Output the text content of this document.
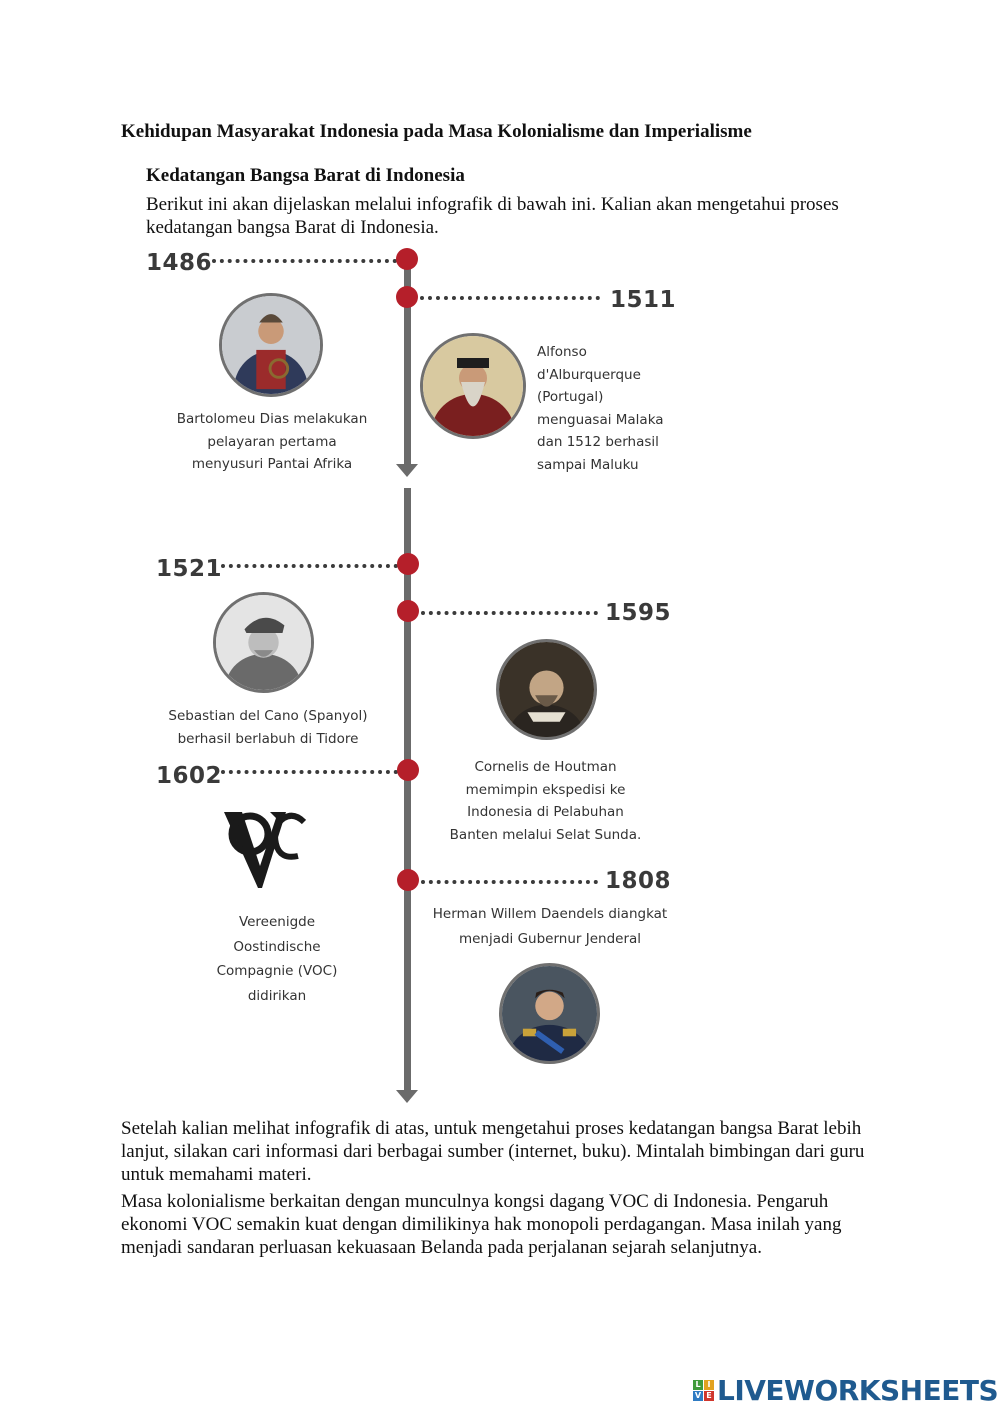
Kehidupan Masyarakat Indonesia pada Masa Kolonialisme dan Imperialisme
Kedatangan Bangsa Barat di Indonesia
Berikut ini akan dijelaskan melalui infografik di bawah ini. Kalian akan mengetahui proses kedatangan bangsa Barat di Indonesia.
1486
Bartolomeu Dias melakukan pelayaran pertama menyusuri Pantai Afrika
1511
Alfonso d'Alburquerque (Portugal) menguasai Malaka dan 1512 berhasil sampai Maluku
1521
Sebastian del Cano (Spanyol) berhasil berlabuh di Tidore
1595
Cornelis de Houtman memimpin ekspedisi ke Indonesia di Pelabuhan Banten melalui Selat Sunda.
1602
Vereenigde Oostindische Compagnie (VOC) didirikan
1808
Herman Willem Daendels diangkat menjadi Gubernur Jenderal
Setelah kalian melihat infografik di atas, untuk mengetahui proses kedatangan bangsa Barat lebih lanjut, silakan cari informasi dari berbagai sumber (internet, buku). Mintalah bimbingan dari guru untuk memahami materi.
Masa kolonialisme berkaitan dengan munculnya kongsi dagang VOC di Indonesia. Pengaruh ekonomi VOC semakin kuat dengan dimilikinya hak monopoli perdagangan. Masa inilah yang menjadi sandaran perluasan kekuasaan Belanda pada perjalanan sejarah selanjutnya.
L I
V E LIVEWORKSHEETS
